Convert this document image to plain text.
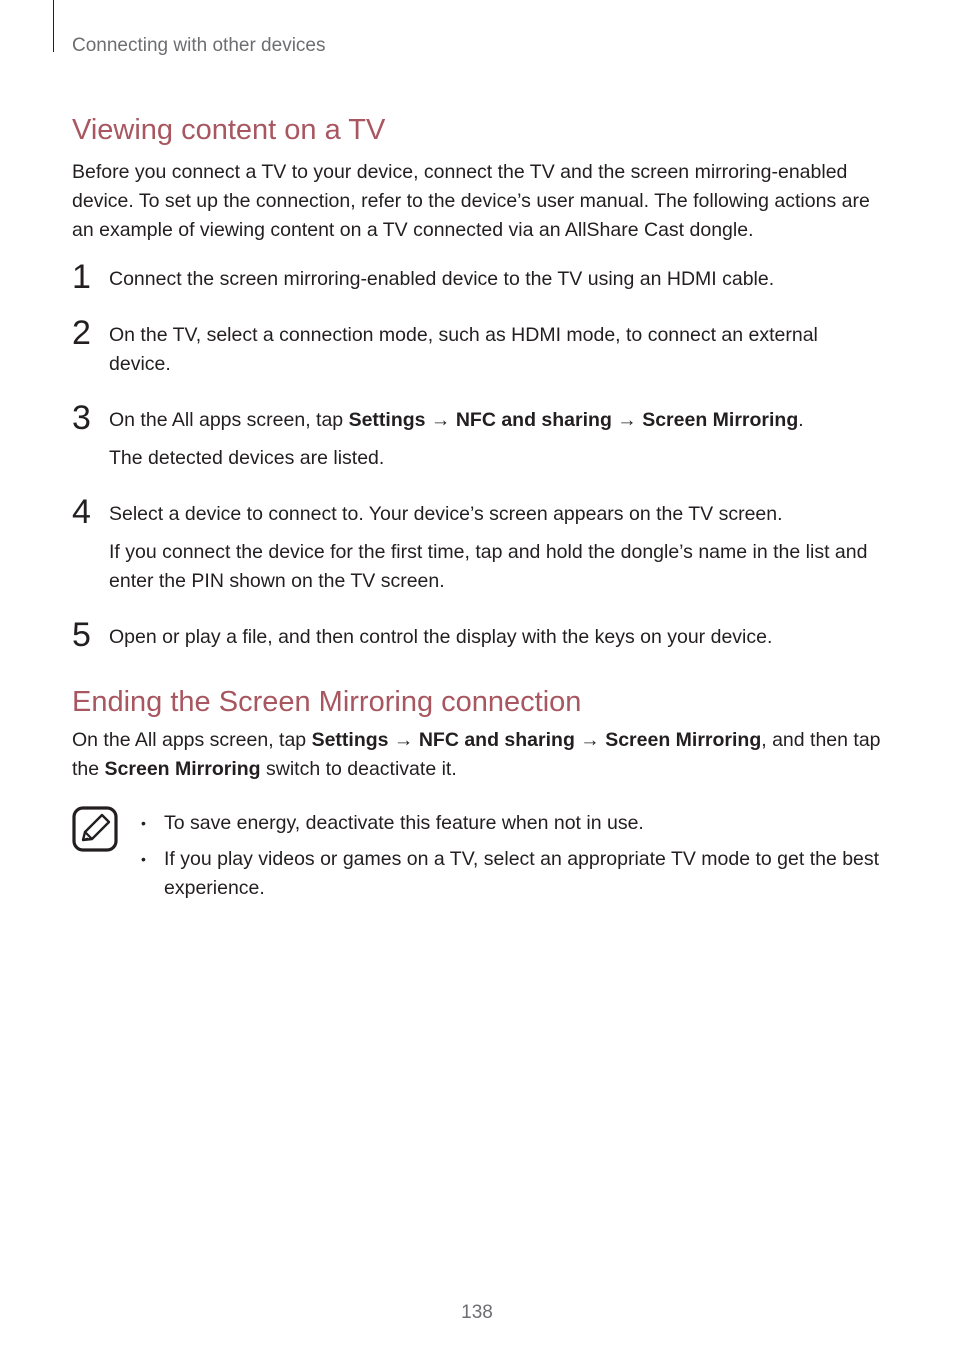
Connecting with other devices
Viewing content on a TV

Before you connect a TV to your device, connect the TV and the screen mirroring-enabled device. To set up the connection, refer to the device’s user manual. The following actions are an example of viewing content on a TV connected via an AllShare Cast dongle.

1 Connect the screen mirroring-enabled device to the TV using an HDMI cable.

2 On the TV, select a connection mode, such as HDMI mode, to connect an external device.

3 On the All apps screen, tap Settings → NFC and sharing → Screen Mirroring.

The detected devices are listed.

4 Select a device to connect to. Your device’s screen appears on the TV screen.

If you connect the device for the first time, tap and hold the dongle’s name in the list and enter the PIN shown on the TV screen.

5 Open or play a file, and then control the display with the keys on your device.

Ending the Screen Mirroring connection

On the All apps screen, tap Settings → NFC and sharing → Screen Mirroring, and then tap the Screen Mirroring switch to deactivate it.

• To save energy, deactivate this feature when not in use.
• If you play videos or games on a TV, select an appropriate TV mode to get the best experience.
138
